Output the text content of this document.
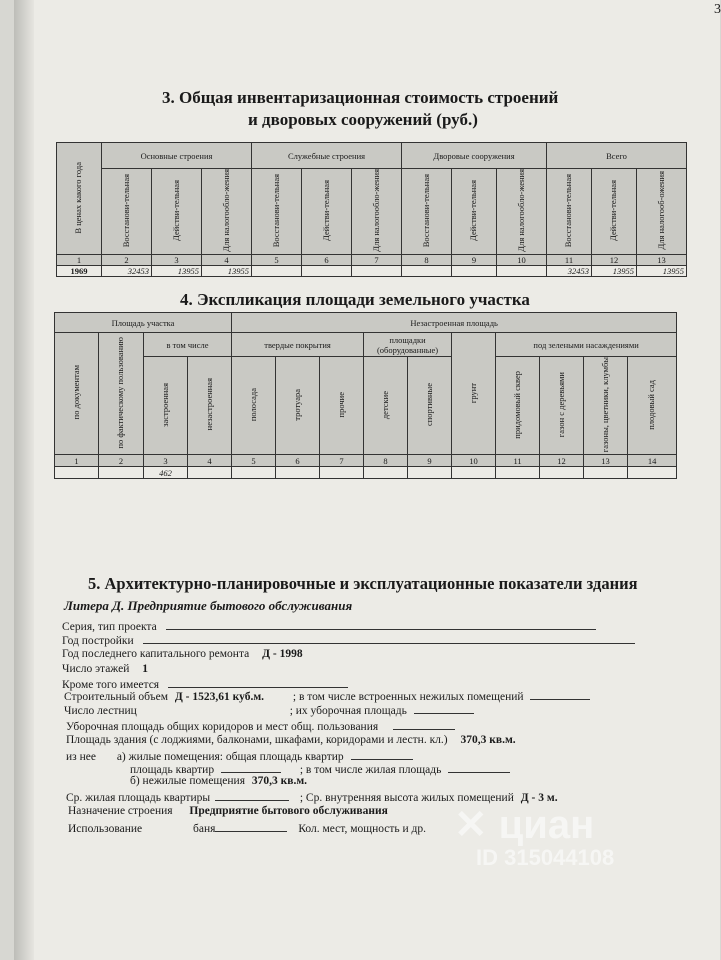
3
3. Общая инвентаризационная стоимость строений
и дворовых сооружений (руб.)
В ценах какого года	Основные строения			Служебные строения			Дворовые сооружения			Всего		
	Восстанови-тельная	Действи-тельная	Для налогооблo-жения	Восстанови-тельная	Действи-тельная	Для налогооблo-жения	Восстанови-тельная	Действи-тельная	Для налогооблo-жения	Восстанови-тельная	Действи-тельная	Для налогооб-ожения
1	2	3	4	5	6	7	8	9	10	11	12	13
1969	32453	13955	13955							32453	13955	13955
4. Экспликация площади земельного участка
Площадь участка				Незастроенная площадь									
по документам	по фактическому пользованию	в том числе		твердые покрытия			площадки (оборудованные)		грунт	под зелеными насаждениями			
		застроенная	незастроенная	полосада	тротуара	прочие	детские	спортивные		придомовый сквер	газон с деревьями	газоны, цветники, клумбы	плодовый сад
1	2	3	4	5	6	7	8	9	10	11	12	13	14
		462											
5. Архитектурно-планировочные и эксплуатационные показатели здания
Литера Д. Предприятие бытового обслуживания
Серия, тип проекта
Год постройки
Год последнего капитального ремонта Д - 1998
Число этажей 1
Кроме того имеется
Строительный объем Д - 1523,61 куб.м.	; в том числе встроенных нежилых помещений
Число лестниц	; их уборочная площадь
Уборочная площадь общих коридоров и мест общ. пользования
Площадь здания (с лоджиями, балконами, шкафами, коридорами и лестн. кл.) 370,3 кв.м.
из нее а) жилые помещения: общая площадь квартир
площадь квартир	; в том числе жилая площадь
б) нежилые помещения 370,3 кв.м.
Ср. жилая площадь квартиры	; Ср. внутренняя высота жилых помещений Д - 3 м.
Назначение строения Предприятие бытового обслуживания
Использование	баня	Кол. мест, мощность и др. ✕ циан
ID 315044108
